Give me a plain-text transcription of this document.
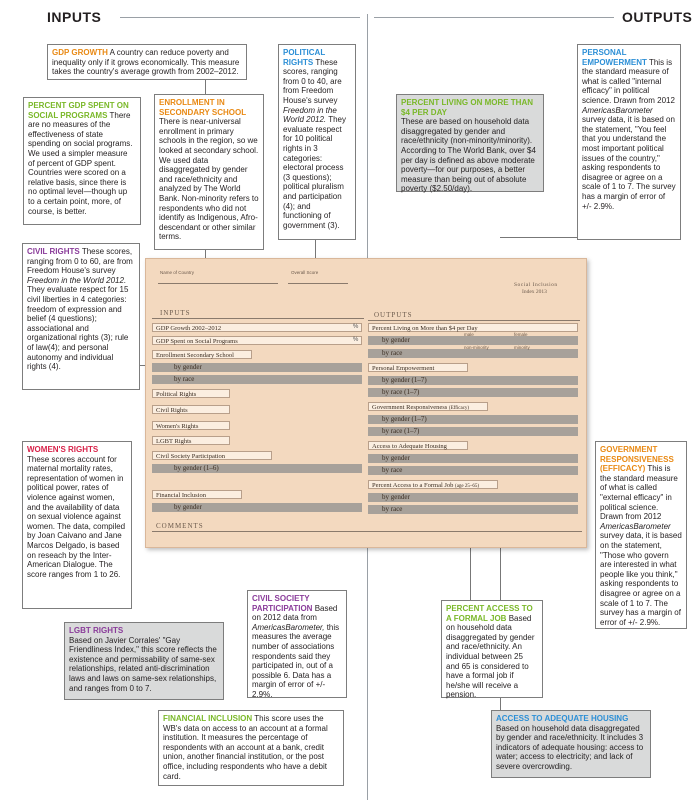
INPUTS	OUTPUTS
GDP GROWTH A country can reduce poverty and inequality only if it grows economically. This measure takes the country's average growth from 2002–2012.
PERCENT GDP SPENT ON SOCIAL PROGRAMS There are no measures of the effectiveness of state spending on social programs. We used a simpler measure of percent of GDP spent. Countries were scored on a relative basis, since there is no optimal level—though up to a certain point, more, of course, is better.
ENROLLMENT IN SECONDARY SCHOOL There is near-universal enrollment in primary schools in the region, so we looked at secondary school. We used data disaggregated by gender and race/ethnicity and analyzed by The World Bank. Non-minority refers to respondents who did not identify as Indigenous, Afro-descendant or other similar terms.
POLITICAL RIGHTS These scores, ranging from 0 to 40, are from Freedom House's survey Freedom in the World 2012. They evaluate respect for 10 political rights in 3 categories: electoral process (3 questions); political pluralism and participation (4); and functioning of government (3).
CIVIL RIGHTS These scores, ranging from 0 to 60, are from Freedom House's survey Freedom in the World 2012. They evaluate respect for 15 civil liberties in 4 categories: freedom of expression and belief (4 questions); associational and organizational rights (3); rule of law(4); and personal autonomy and individual rights (4).
WOMEN'S RIGHTS
These scores account for maternal mortality rates, representation of women in political power, rates of violence against women, and the availability of data on sexual violence against women. The data, compiled by Joan Caivano and Jane Marcos Delgado, is based on reseach by the Inter-American Dialogue. The score ranges from 1 to 26.
LGBT RIGHTS
Based on Javier Corrales' "Gay Friendliness Index," this score reflects the existence and permissability of same-sex relationships, related anti-discrimination laws and laws on same-sex relationships, and ranges from 0 to 7.
CIVIL SOCIETY PARTICIPATION Based on 2012 data from AmericasBarometer, this measures the average number of associations respondents said they participated in, out of a possible 6. Data has a margin of error of +/- 2.9%.
FINANCIAL INCLUSION This score uses the WB's data on access to an account at a formal institution. It measures the percentage of respondents with an account at a bank, credit union, another financial institution, or the post office, including respondents who have a debit card.
PERCENT LIVING ON MORE THAN $4 PER DAY
These are based on household data disaggregated by gender and race/ethnicity (non-minority/minority). According to The World Bank, over $4 per day is defined as above moderate poverty—for our purposes, a better measure than being out of absolute poverty ($2.50/day).
PERSONAL EMPOWERMENT This is the standard measure of what is called "internal efficacy" in political science. Drawn from 2012 AmericasBarometer survey data, it is based on the statement, "You feel that you understand the most important political issues of the country," asking respondents to disagree or agree on a scale of 1 to 7. The survey has a margin of error of +/- 2.9%.
GOVERNMENT RESPONSIVENESS (EFFICACY) This is the standard measure of what is called "external efficacy" in political science. Drawn from 2012 AmericasBarometer survey data, it is based on the statement, "Those who govern are interested in what people like you think," asking respondents to disagree or agree on a scale of 1 to 7. The survey has a margin of error of +/- 2.9%.
PERCENT ACCESS TO A FORMAL JOB Based on household data disaggregated by gender and race/ethnicity. An individual between 25 and 65 is considered to have a formal job if he/she will receive a pension.
ACCESS TO ADEQUATE HOUSING
Based on household data disaggregated by gender and race/ethnicity. It includes 3 indicators of adequate housing: access to water; access to electricity; and lack of severe overcrowding.
Name of Country	Overall Score
Social Inclusion
Index 2013
INPUTS	OUTPUTS
GDP Growth 2002–2012
GDP Spent on Social Programs
Enrollment Secondary School
by gender
by race
Political Rights
Civil Rights
Women's Rights
LGBT Rights
Civil Society Participation
by gender (1–6)
Financial Inclusion
by gender
%
%
COMMENTS
Percent Living on More than $4 per Day
by gender
by race
Personal Empowerment
by gender (1–7)
by race (1–7)
Government Responsiveness (Efficacy)
by gender (1–7)
by race (1–7)
Access to Adequate Housing
by gender
by race
Percent Access to a Formal Job (age 25–65)
by gender
by race
male	female
non-minority	minority
